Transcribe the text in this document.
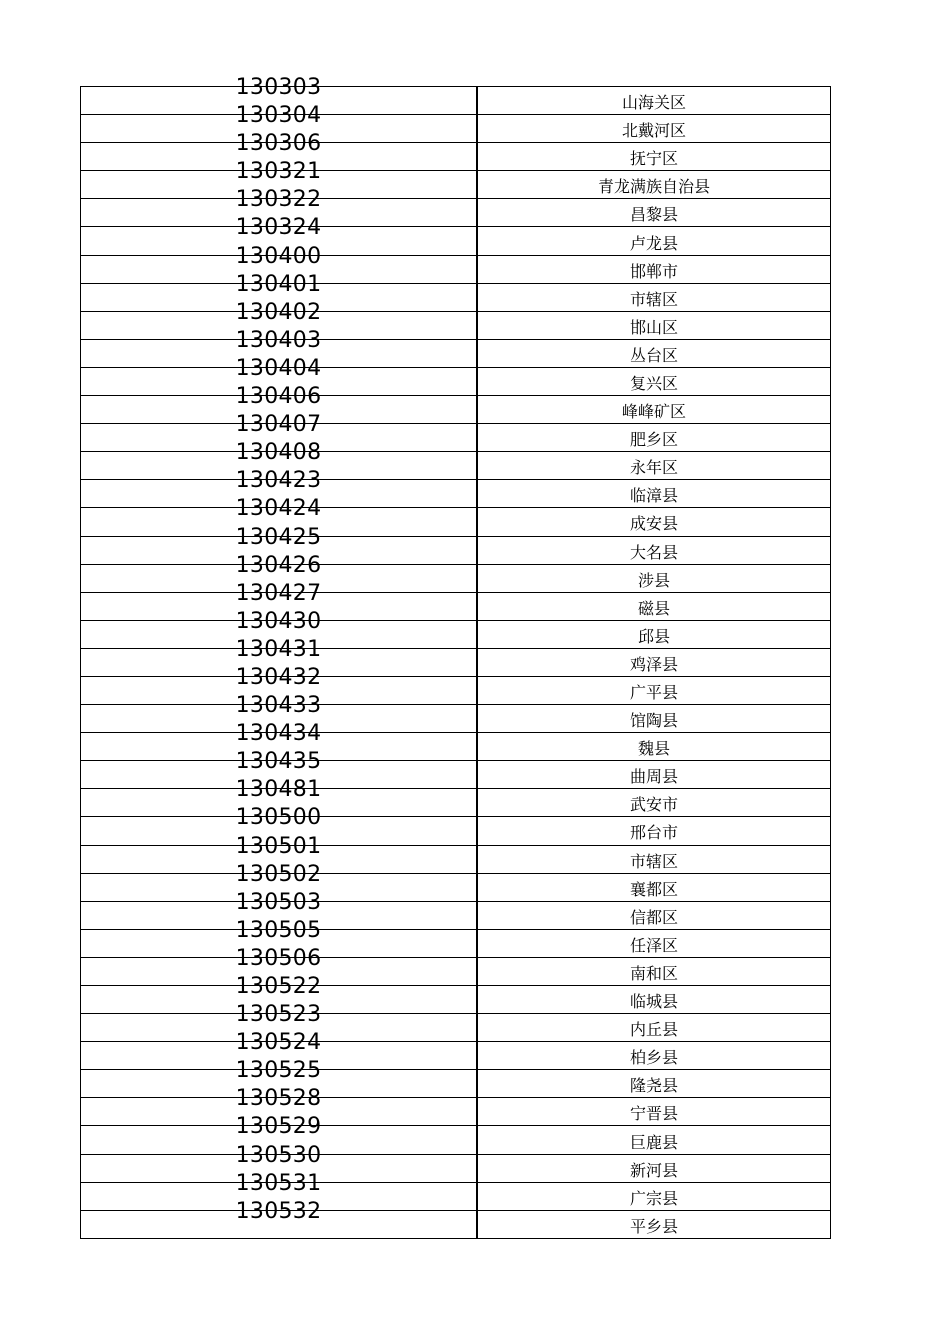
130303	山海关区

130304	北戴河区

130306	抚宁区

130321	青龙满族自治县

130322	昌黎县

130324	卢龙县

130400	邯郸市

130401	市辖区

130402	邯山区

130403	丛台区

130404	复兴区

130406	峰峰矿区

130407	肥乡区

130408	永年区

130423	临漳县

130424	成安县

130425	大名县

130426	涉县

130427	磁县

130430	邱县

130431	鸡泽县

130432	广平县

130433	馆陶县

130434	魏县

130435	曲周县

130481	武安市

130500	邢台市

130501	市辖区

130502	襄都区

130503	信都区

130505	任泽区

130506	南和区

130522	临城县

130523	内丘县

130524	柏乡县

130525	隆尧县

130528	宁晋县

130529	巨鹿县

130530	新河县

130531	广宗县

130532	平乡县
